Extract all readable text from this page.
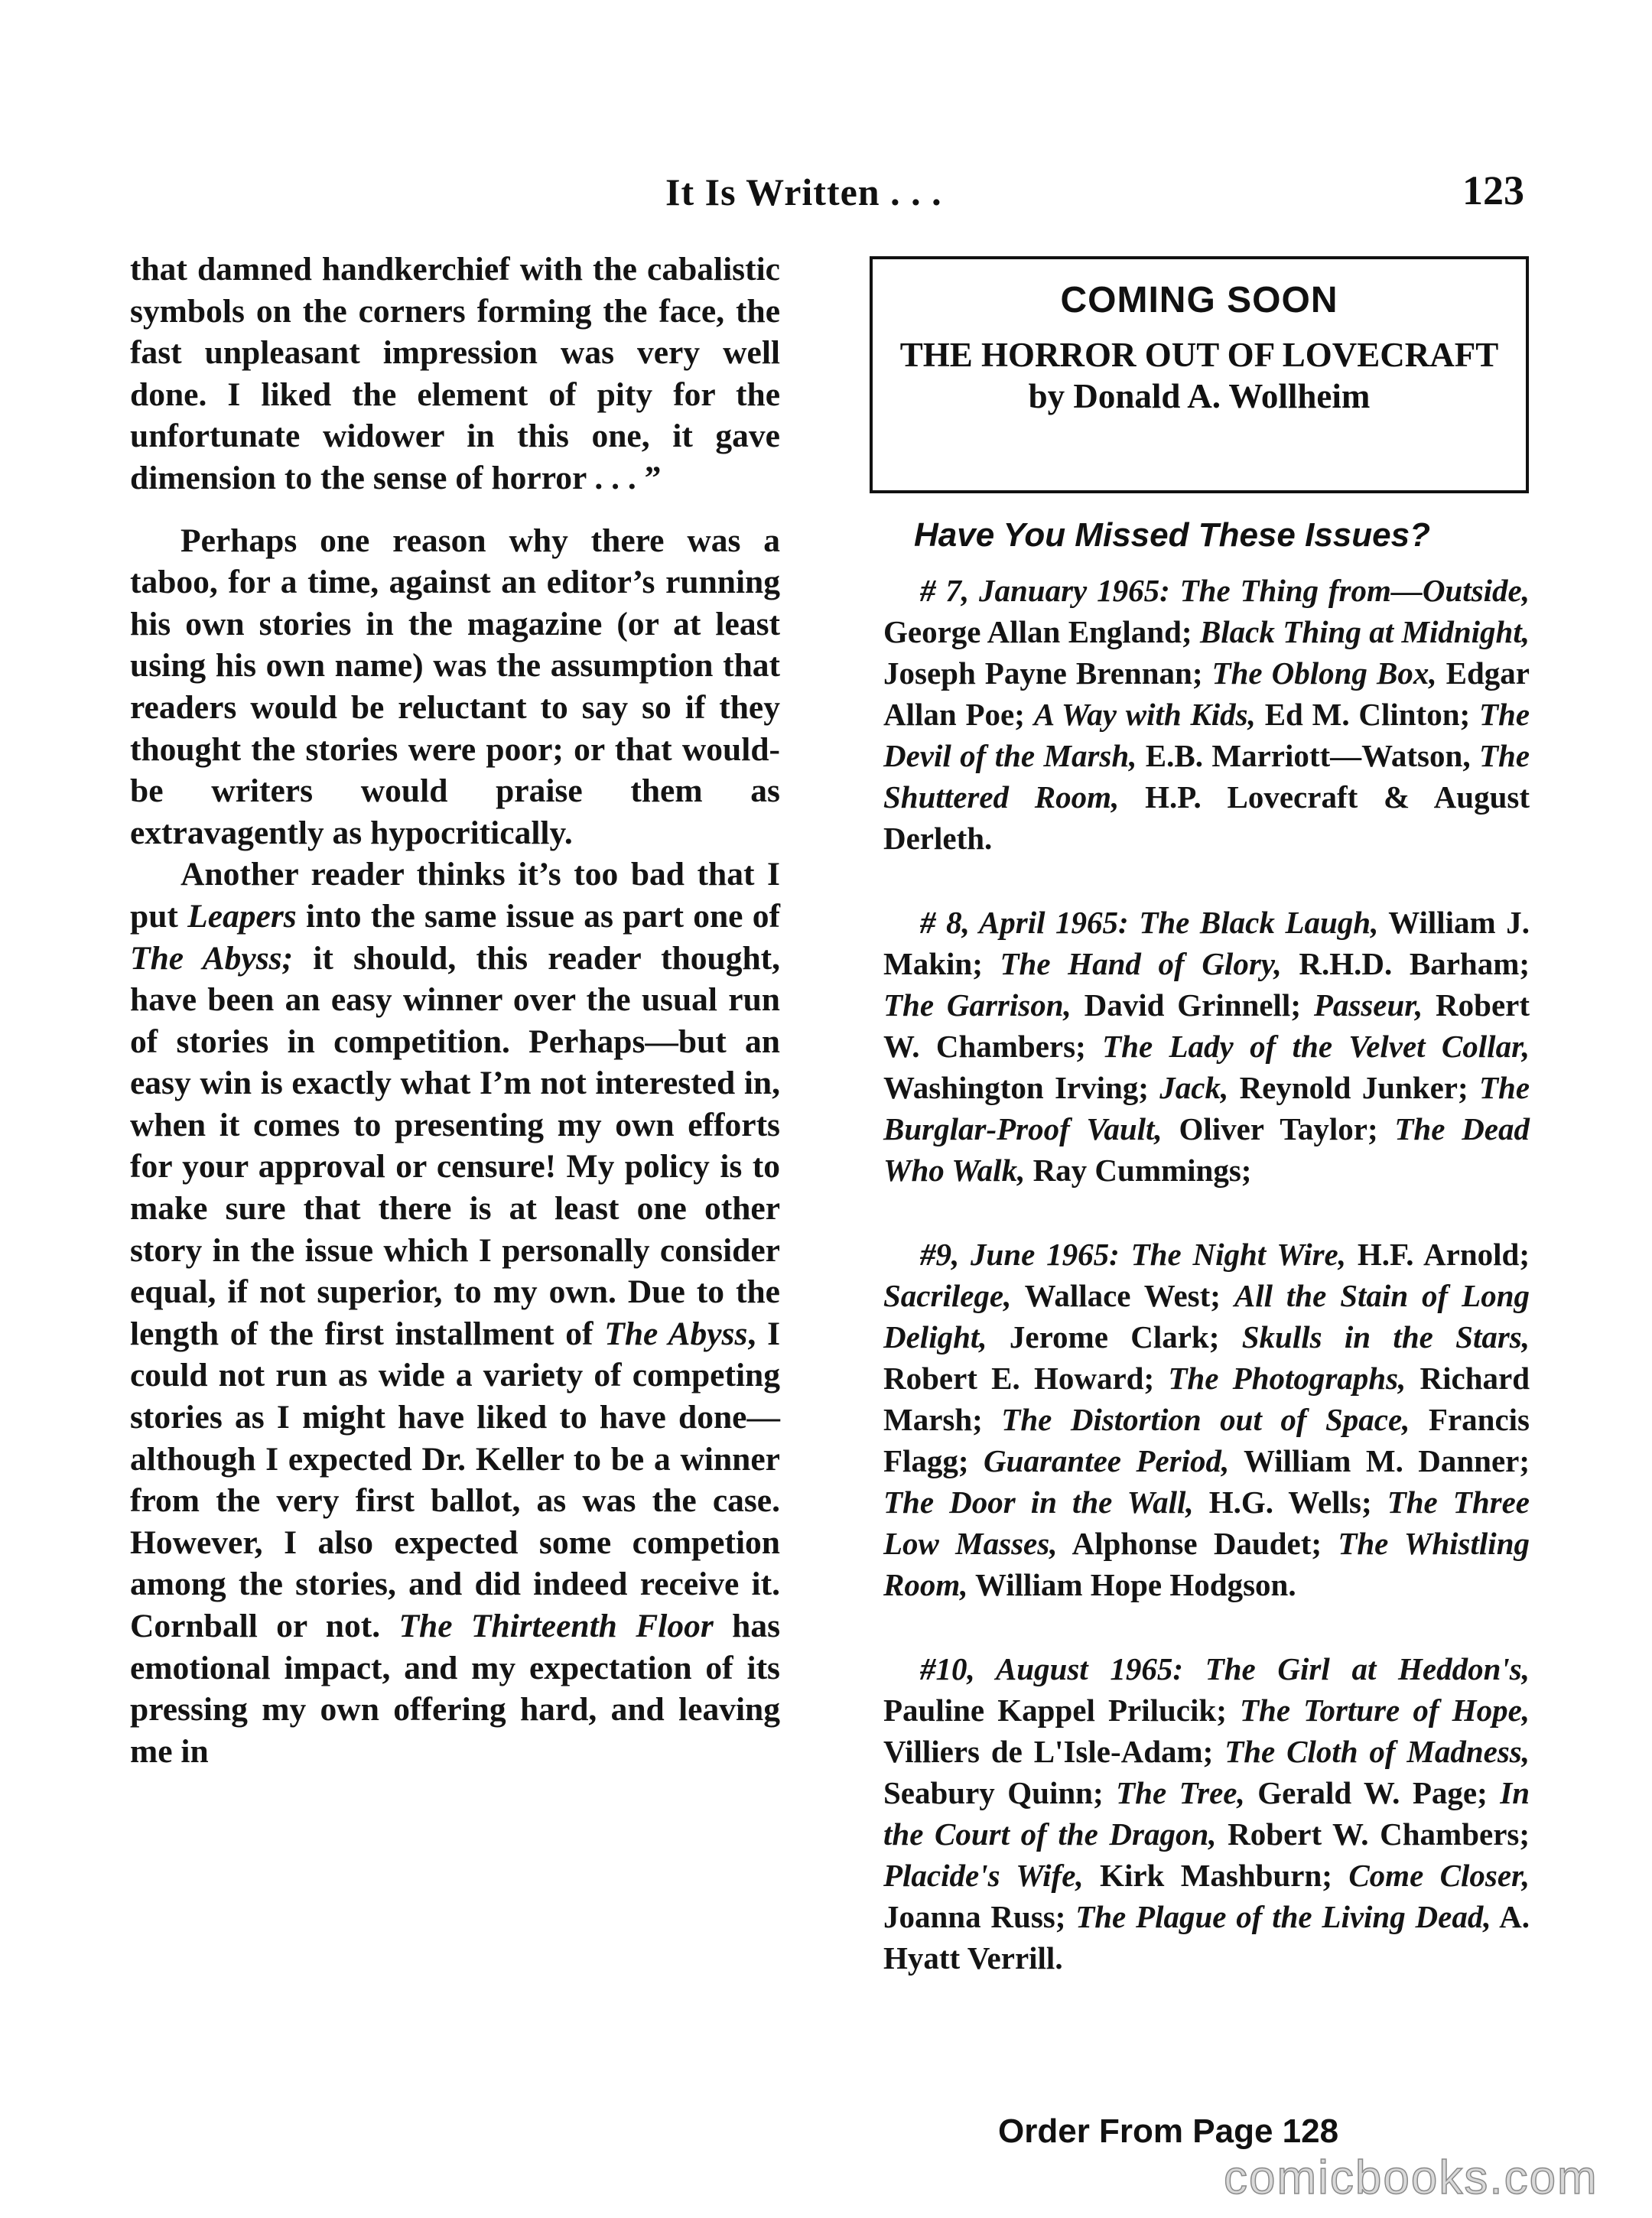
It Is Written . . .	123

that damned handkerchief with the cabalistic symbols on the corners forming the face, the fast unpleasant impression was very well done. I liked the element of pity for the unfortunate widower in this one, it gave dimension to the sense of horror . . . ”

Perhaps one reason why there was a taboo, for a time, against an editor’s running his own stories in the magazine (or at least using his own name) was the assumption that readers would be reluctant to say so if they thought the stories were poor; or that would-be writers would praise them as extravagently as hypocritically.

Another reader thinks it’s too bad that I put Leapers into the same issue as part one of The Abyss; it should, this reader thought, have been an easy winner over the usual run of stories in competition. Perhaps—but an easy win is exactly what I’m not interested in, when it comes to presenting my own efforts for your approval or censure! My policy is to make sure that there is at least one other story in the issue which I personally consider equal, if not superior, to my own. Due to the length of the first installment of The Abyss, I could not run as wide a variety of competing stories as I might have liked to have done—although I expected Dr. Keller to be a winner from the very first ballot, as was the case. However, I also expected some competion among the stories, and did indeed receive it. Cornball or not. The Thirteenth Floor has emotional impact, and my expectation of its pressing my own offering hard, and leaving me in

COMING SOON
THE HORROR OUT OF LOVECRAFT
by Donald A. Wollheim
Have You Missed These Issues?

# 7, January 1965: The Thing from—Outside, George Allan England; Black Thing at Midnight, Joseph Payne Brennan; The Oblong Box, Edgar Allan Poe; A Way with Kids, Ed M. Clinton; The Devil of the Marsh, E.B. Marriott—Watson, The Shuttered Room, H.P. Lovecraft & August Derleth.

# 8, April 1965: The Black Laugh, William J. Makin; The Hand of Glory, R.H.D. Barham; The Garrison, David Grinnell; Passeur, Robert W. Chambers; The Lady of the Velvet Collar, Washington Irving; Jack, Reynold Junker; The Burglar-Proof Vault, Oliver Taylor; The Dead Who Walk, Ray Cummings;

#9, June 1965: The Night Wire, H.F. Arnold; Sacrilege, Wallace West; All the Stain of Long Delight, Jerome Clark; Skulls in the Stars, Robert E. Howard; The Photographs, Richard Marsh; The Distortion out of Space, Francis Flagg; Guarantee Period, William M. Danner; The Door in the Wall, H.G. Wells; The Three Low Masses, Alphonse Daudet; The Whistling Room, William Hope Hodgson.

#10, August 1965: The Girl at Heddon's, Pauline Kappel Prilucik; The Torture of Hope, Villiers de L'Isle-Adam; The Cloth of Madness, Seabury Quinn; The Tree, Gerald W. Page; In the Court of the Dragon, Robert W. Chambers; Placide's Wife, Kirk Mashburn; Come Closer, Joanna Russ; The Plague of the Living Dead, A. Hyatt Verrill.

Order From Page 128
comicbooks.com
